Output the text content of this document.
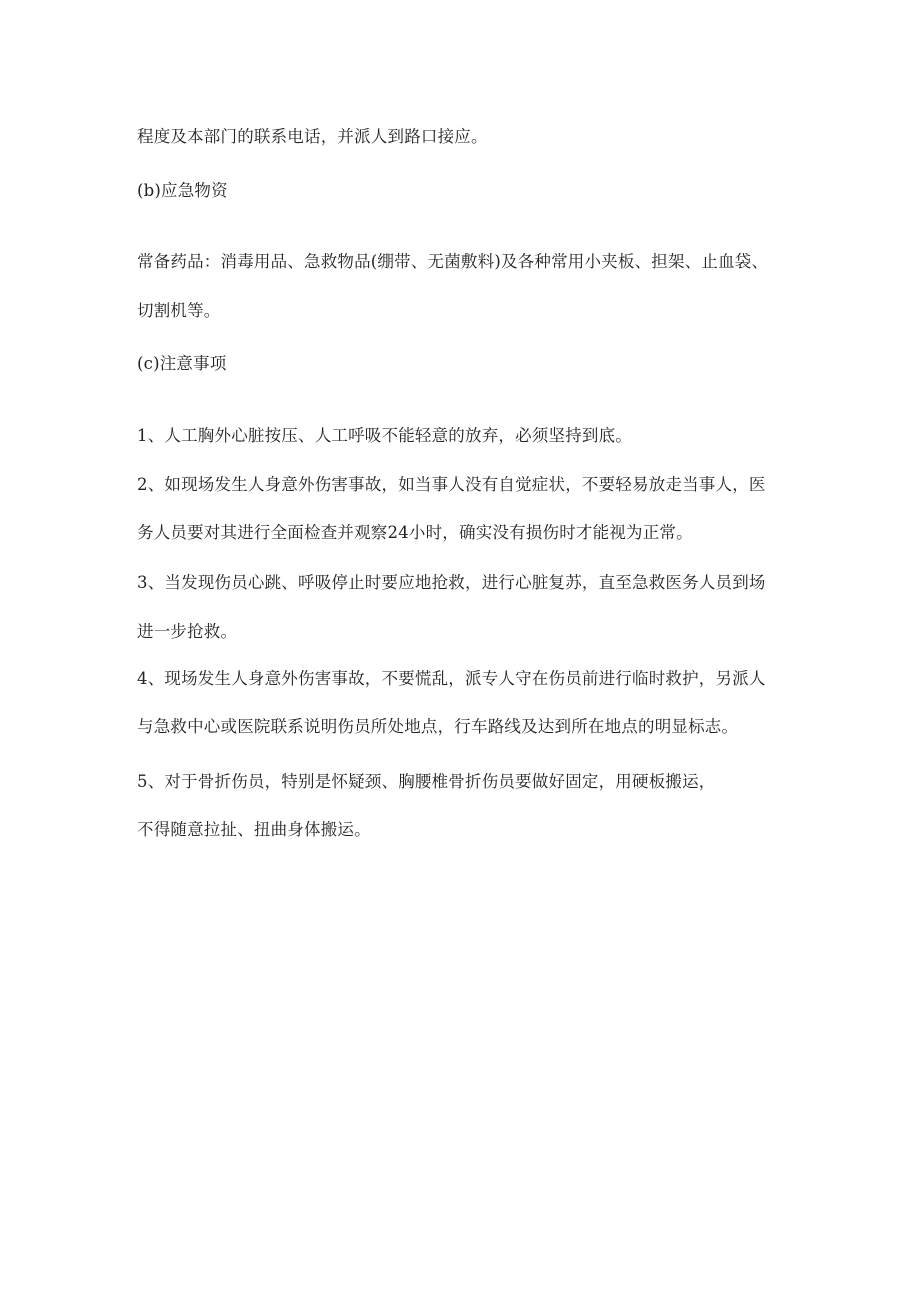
程度及本部门的联系电话，并派人到路口接应。
(b)应急物资
常备药品：消毒用品、急救物品(绷带、无菌敷料)及各种常用小夹板、担架、止血袋、
切割机等。
(c)注意事项
1、人工胸外心脏按压、人工呼吸不能轻意的放弃，必须坚持到底。
2、如现场发生人身意外伤害事故，如当事人没有自觉症状，不要轻易放走当事人，医
务人员要对其进行全面检查并观察24小时，确实没有损伤时才能视为正常。
3、当发现伤员心跳、呼吸停止时要应地抢救，进行心脏复苏，直至急救医务人员到场
进一步抢救。
4、现场发生人身意外伤害事故，不要慌乱，派专人守在伤员前进行临时救护，另派人
与急救中心或医院联系说明伤员所处地点，行车路线及达到所在地点的明显标志。
5、对于骨折伤员，特别是怀疑颈、胸腰椎骨折伤员要做好固定，用硬板搬运，
不得随意拉扯、扭曲身体搬运。
